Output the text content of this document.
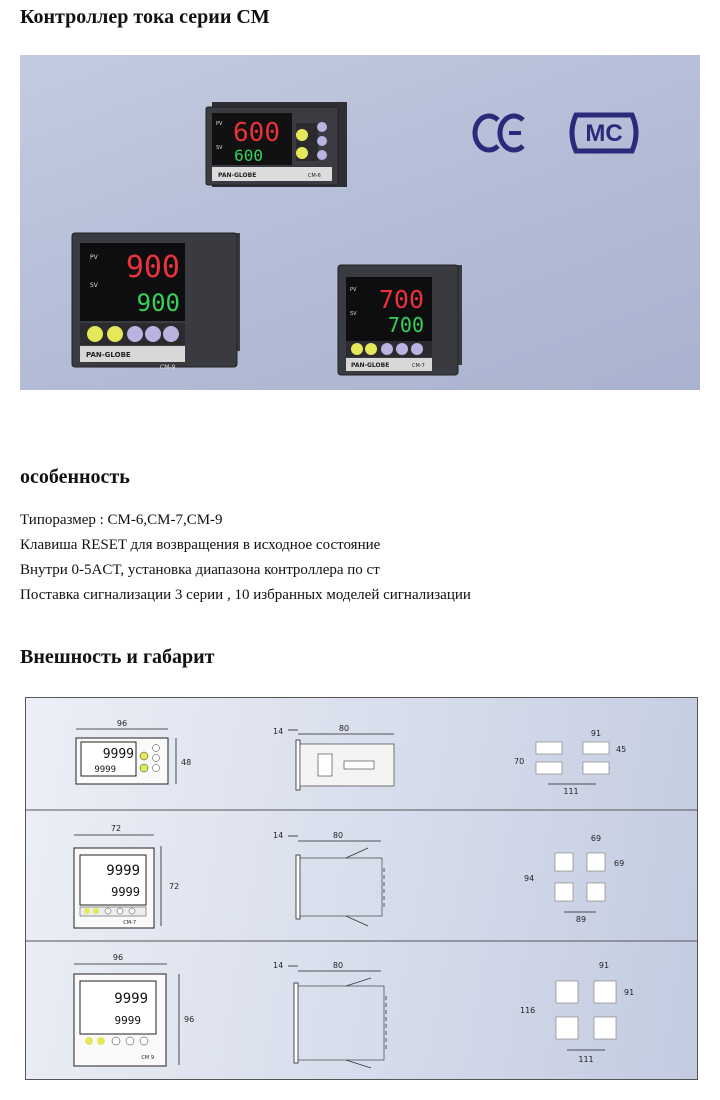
Контроллер тока серии CM
MC
PV
SV 600
600
PAN-GLOBE	CM-6
PV
SV
900
900
PAN-GLOBE
CM-9
PV
SV 700
700
PAN-GLOBE	CM-7
особенность
Типоразмер : CM-6,CM-7,CM-9
Клавиша RESET для возвращения в исходное состояние
Внутри 0-5ACT, установка диапазона контроллера по ст
Поставка сигнализации 3 серии , 10 избранных моделей сигнализации
Внешность и габарит
96
48
9999
9999
14	80
91
45
70
111
72
72
9999
9999
CM-7
14	80	69
69
94
89
96
96
9999
9999
CM 9
14	80	91
91
116
111
